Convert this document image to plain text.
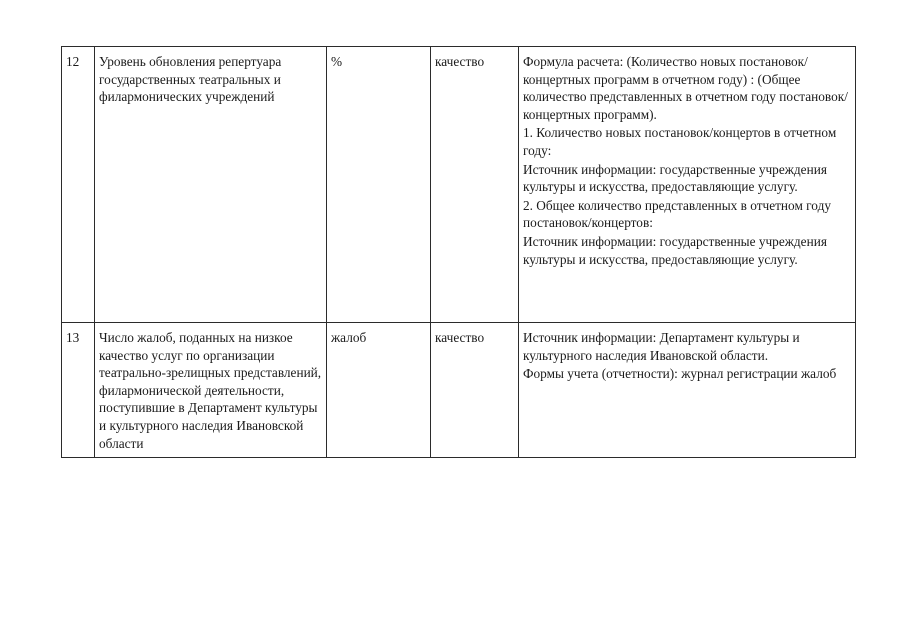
12	Уровень обновления репертуара государственных театральных и филармонических учреждений	%	качество	Формула расчета: (Количество новых постановок/концертных программ в отчетном году) : (Общее количество представленных в отчетном году постановок/концертных программ).

1. Количество новых постановок/концертов в отчетном году:

Источник информации: государственные учреждения культуры и искусства, предоставляющие услугу.

2. Общее количество представленных в отчетном году постановок/концертов:

Источник информации: государственные учреждения культуры и искусства, предоставляющие услугу.

13	Число жалоб, поданных на низкое качество услуг по организации театрально-зрелищных представлений, филармонической деятельности, поступившие в Департамент культуры и культурного наследия Ивановской области	жалоб	качество	Источник информации: Департамент культуры и культурного наследия Ивановской области.

Формы учета (отчетности): журнал регистрации жалоб
